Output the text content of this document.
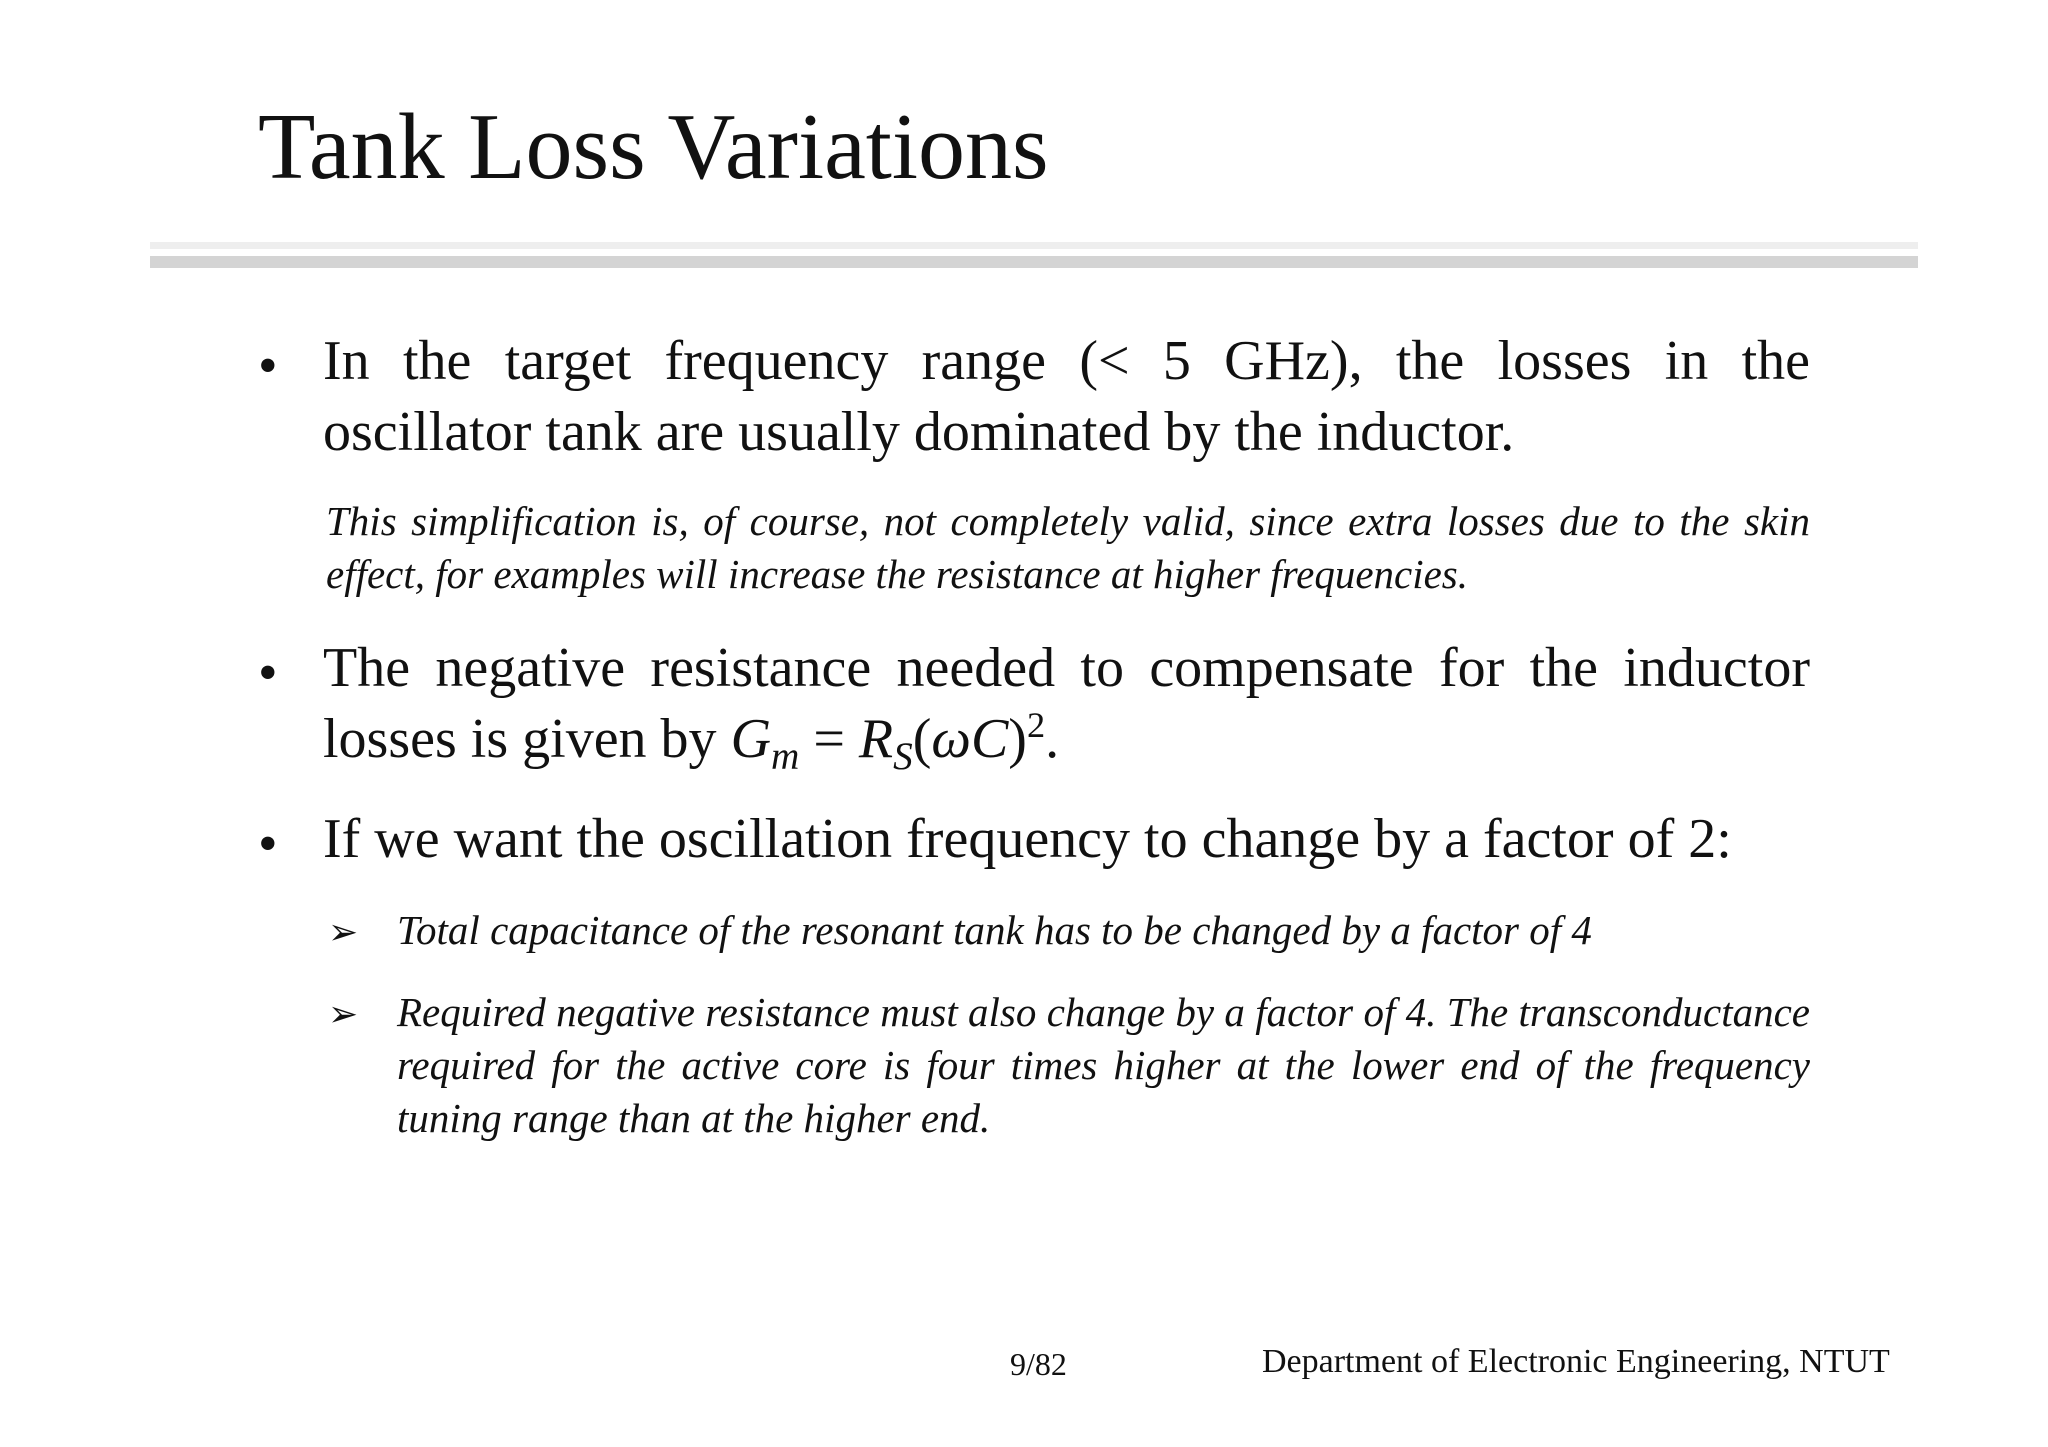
Tank Loss Variations
• In the target frequency range (< 5 GHz), the losses in the oscillator tank are usually dominated by the inductor.
This simplification is, of course, not completely valid, since extra losses due to the skin effect, for examples will increase the resistance at higher frequencies.
• The negative resistance needed to compensate for the inductor losses is given by $G_m = R_S(\omega C)^2$.
• If we want the oscillation frequency to change by a factor of 2:
➢ Total capacitance of the resonant tank has to be changed by a factor of 4
➢ Required negative resistance must also change by a factor of 4. The transconductance required for the active core is four times higher at the lower end of the frequency tuning range than at the higher end.
9/82	Department of Electronic Engineering, NTUT
